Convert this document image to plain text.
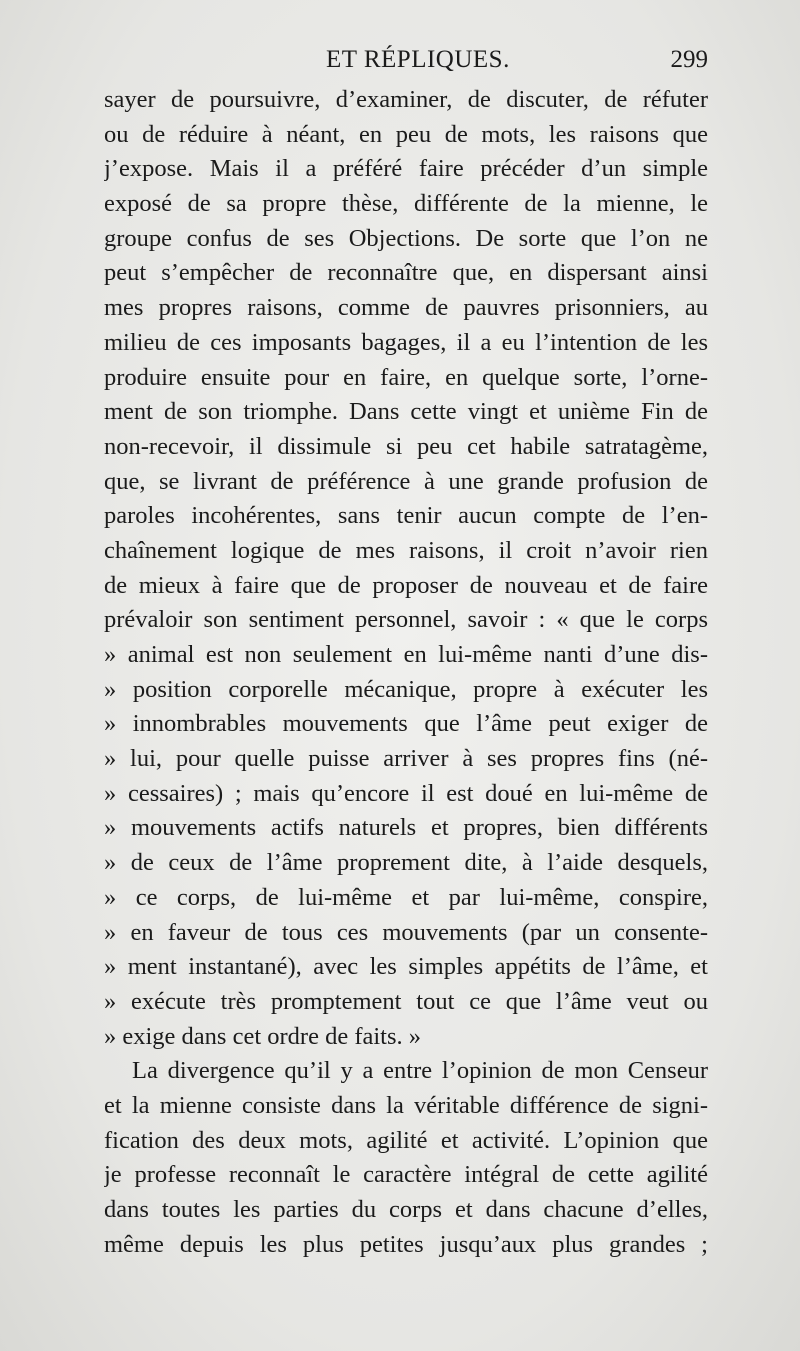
ET RÉPLIQUES.	299
sayer de poursuivre, d’examiner, de discuter, de réfuter
ou de réduire à néant, en peu de mots, les raisons que
j’expose. Mais il a préféré faire précéder d’un simple
exposé de sa propre thèse, différente de la mienne, le
groupe confus de ses Objections. De sorte que l’on ne
peut s’empêcher de reconnaître que, en dispersant ainsi
mes propres raisons, comme de pauvres prisonniers, au
milieu de ces imposants bagages, il a eu l’intention de les
produire ensuite pour en faire, en quelque sorte, l’orne-
ment de son triomphe. Dans cette vingt et unième Fin de
non-recevoir, il dissimule si peu cet habile satratagème,
que, se livrant de préférence à une grande profusion de
paroles incohérentes, sans tenir aucun compte de l’en-
chaînement logique de mes raisons, il croit n’avoir rien
de mieux à faire que de proposer de nouveau et de faire
prévaloir son sentiment personnel, savoir : « que le corps
» animal est non seulement en lui-même nanti d’une dis-
» position corporelle mécanique, propre à exécuter les
» innombrables mouvements que l’âme peut exiger de
» lui, pour quelle puisse arriver à ses propres fins (né-
» cessaires) ; mais qu’encore il est doué en lui-même de
» mouvements actifs naturels et propres, bien différents
» de ceux de l’âme proprement dite, à l’aide desquels,
» ce corps, de lui-même et par lui-même, conspire,
» en faveur de tous ces mouvements (par un consente-
» ment instantané), avec les simples appétits de l’âme, et
» exécute très promptement tout ce que l’âme veut ou
» exige dans cet ordre de faits. »
La divergence qu’il y a entre l’opinion de mon Censeur
et la mienne consiste dans la véritable différence de signi-
fication des deux mots, agilité et activité. L’opinion que
je professe reconnaît le caractère intégral de cette agilité
dans toutes les parties du corps et dans chacune d’elles,
même depuis les plus petites jusqu’aux plus grandes ;
